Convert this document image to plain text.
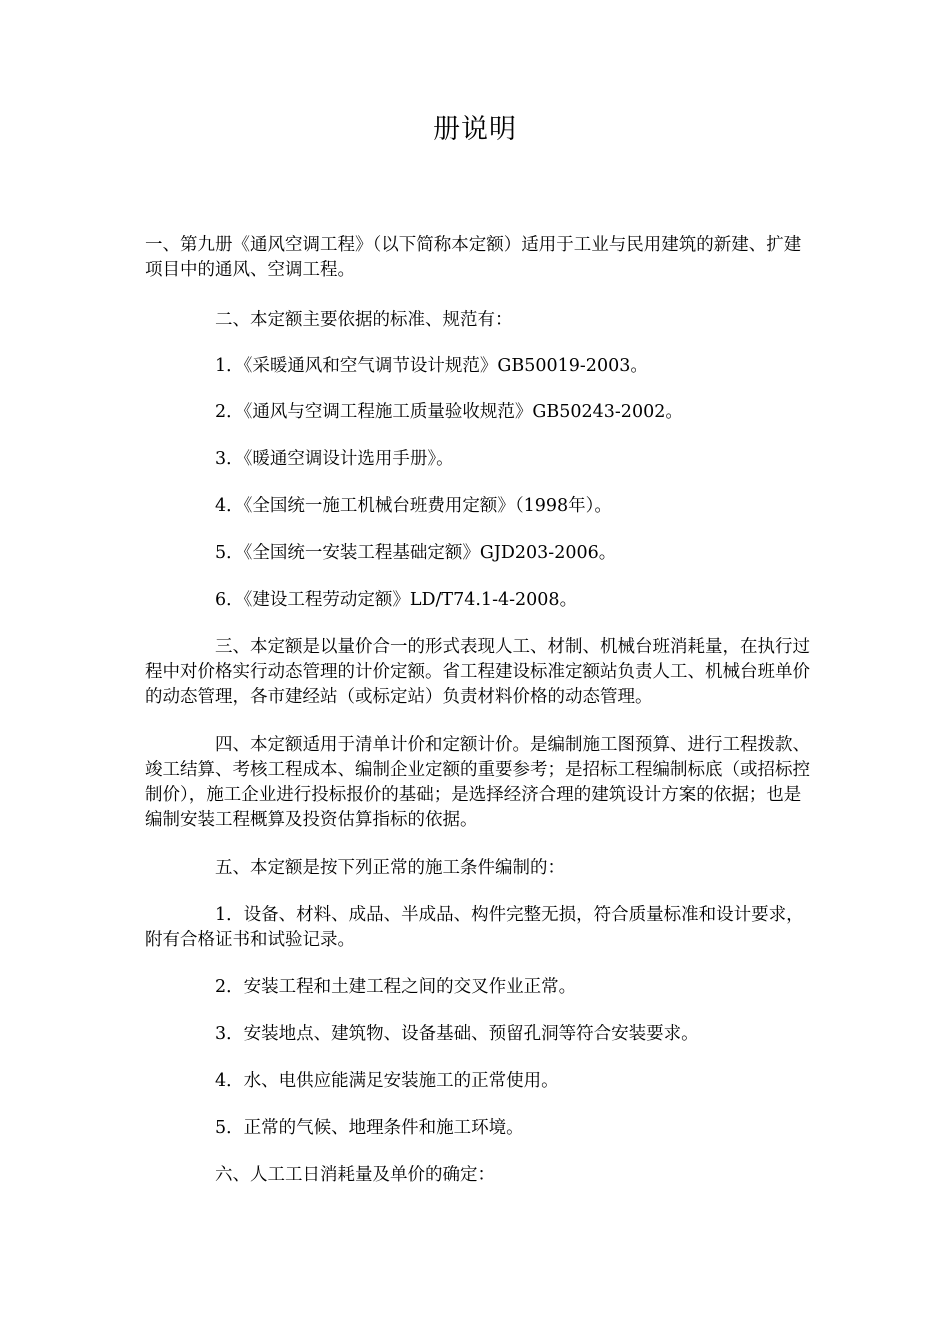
册说明

一、第九册《通风空调工程》（以下简称本定额）适用于工业与民用建筑的新建、扩建项目中的通风、空调工程。

二、本定额主要依据的标准、规范有：

1．《采暖通风和空气调节设计规范》GB50019-2003。

2．《通风与空调工程施工质量验收规范》GB50243-2002。

3．《暖通空调设计选用手册》。

4．《全国统一施工机械台班费用定额》（1998年）。

5．《全国统一安装工程基础定额》GJD203-2006。

6．《建设工程劳动定额》LD/T74.1-4-2008。

三、本定额是以量价合一的形式表现人工、材制、机械台班消耗量，在执行过程中对价格实行动态管理的计价定额。省工程建设标准定额站负责人工、机械台班单价的动态管理，各市建经站（或标定站）负责材料价格的动态管理。

四、本定额适用于清单计价和定额计价。是编制施工图预算、进行工程拨款、竣工结算、考核工程成本、编制企业定额的重要参考；是招标工程编制标底（或招标控制价），施工企业进行投标报价的基础；是选择经济合理的建筑设计方案的依据；也是编制安装工程概算及投资估算指标的依据。

五、本定额是按下列正常的施工条件编制的：

1．设备、材料、成品、半成品、构件完整无损，符合质量标准和设计要求，附有合格证书和试验记录。

2．安装工程和土建工程之间的交叉作业正常。

3．安装地点、建筑物、设备基础、预留孔洞等符合安装要求。

4．水、电供应能满足安装施工的正常使用。

5．正常的气候、地理条件和施工环境。

六、人工工日消耗量及单价的确定：
